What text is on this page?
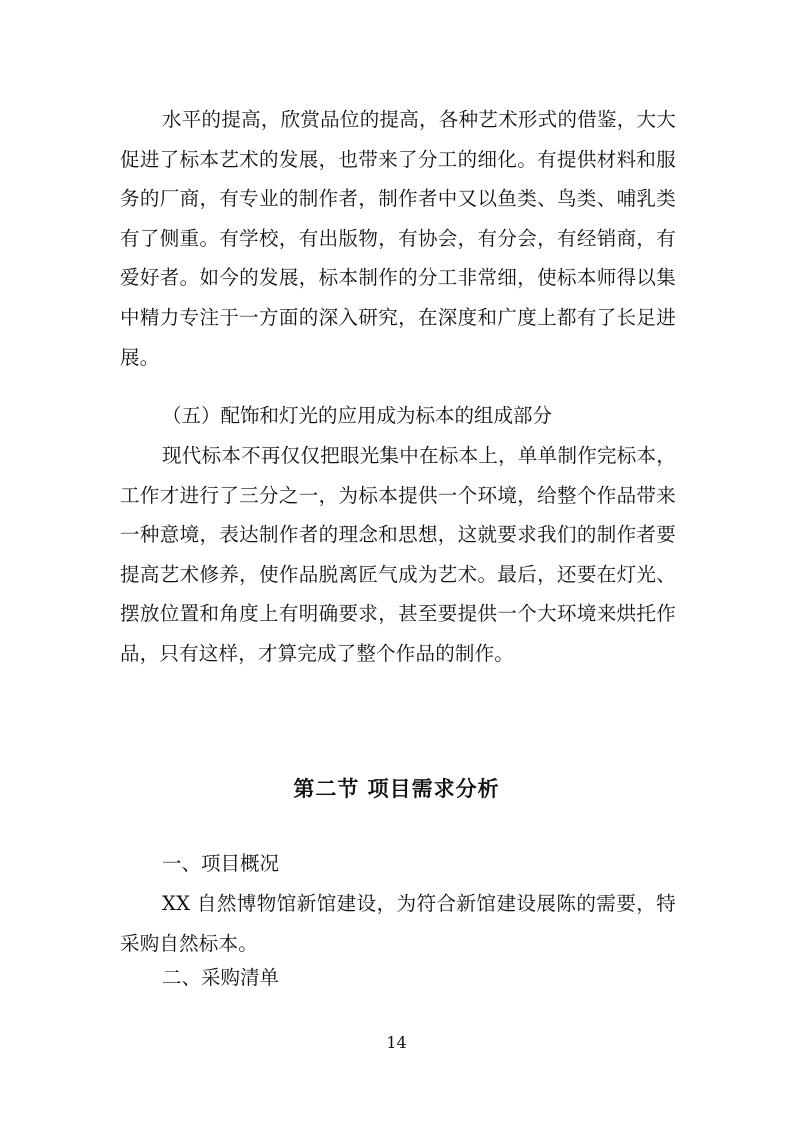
水平的提高，欣赏品位的提高，各种艺术形式的借鉴，大大促进了标本艺术的发展，也带来了分工的细化。有提供材料和服务的厂商，有专业的制作者，制作者中又以鱼类、鸟类、哺乳类有了侧重。有学校，有出版物，有协会，有分会，有经销商，有爱好者。如今的发展，标本制作的分工非常细，使标本师得以集中精力专注于一方面的深入研究，在深度和广度上都有了长足进展。

（五）配饰和灯光的应用成为标本的组成部分

现代标本不再仅仅把眼光集中在标本上，单单制作完标本，工作才进行了三分之一，为标本提供一个环境，给整个作品带来一种意境，表达制作者的理念和思想，这就要求我们的制作者要提高艺术修养，使作品脱离匠气成为艺术。最后，还要在灯光、摆放位置和角度上有明确要求，甚至要提供一个大环境来烘托作品，只有这样，才算完成了整个作品的制作。

第二节 项目需求分析
一、项目概况

XX 自然博物馆新馆建设，为符合新馆建设展陈的需要，特采购自然标本。

二、采购清单
14
